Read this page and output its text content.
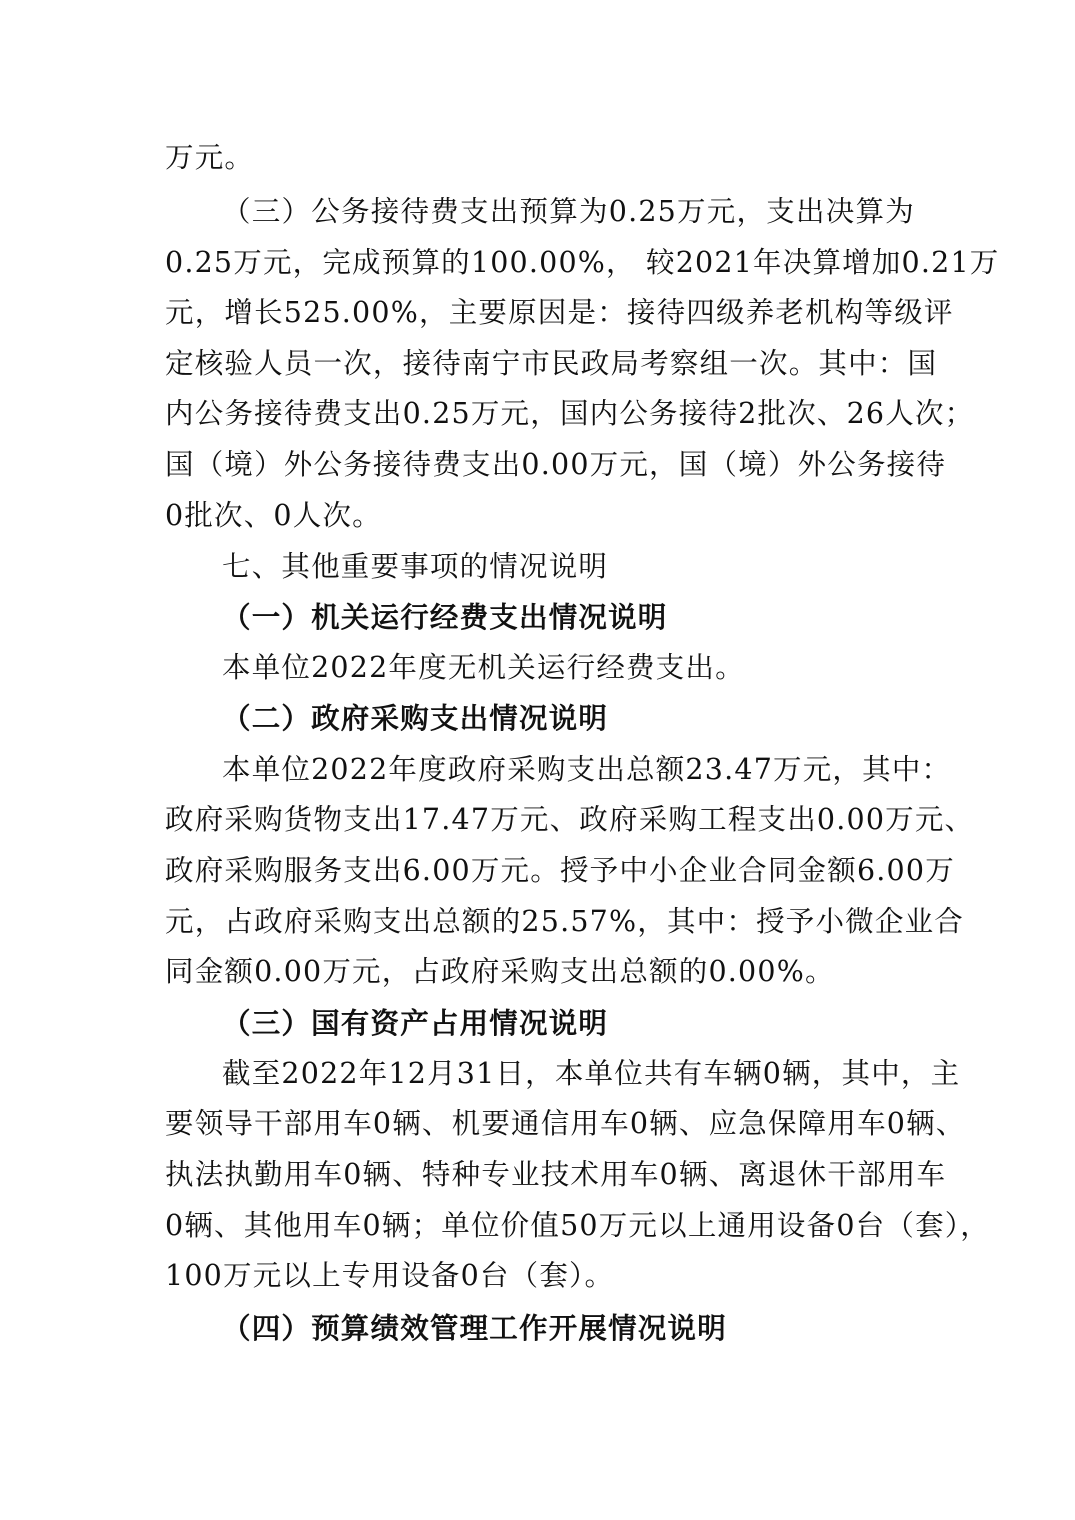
万元。
（三）公务接待费支出预算为0.25万元，支出决算为
0.25万元，完成预算的100.00%， 较2021年决算增加0.21万
元，增长525.00%，主要原因是：接待四级养老机构等级评
定核验人员一次，接待南宁市民政局考察组一次。其中：国
内公务接待费支出0.25万元，国内公务接待2批次、26人次；
国（境）外公务接待费支出0.00万元，国（境）外公务接待
0批次、0人次。
七、其他重要事项的情况说明
（一）机关运行经费支出情况说明
本单位2022年度无机关运行经费支出。
（二）政府采购支出情况说明
本单位2022年度政府采购支出总额23.47万元，其中：
政府采购货物支出17.47万元、政府采购工程支出0.00万元、
政府采购服务支出6.00万元。授予中小企业合同金额6.00万
元，占政府采购支出总额的25.57%，其中：授予小微企业合
同金额0.00万元，占政府采购支出总额的0.00%。
（三）国有资产占用情况说明
截至2022年12月31日，本单位共有车辆0辆，其中，主
要领导干部用车0辆、机要通信用车0辆、应急保障用车0辆、
执法执勤用车0辆、特种专业技术用车0辆、离退休干部用车
0辆、其他用车0辆；单位价值50万元以上通用设备0台（套），
100万元以上专用设备0台（套）。
（四）预算绩效管理工作开展情况说明
